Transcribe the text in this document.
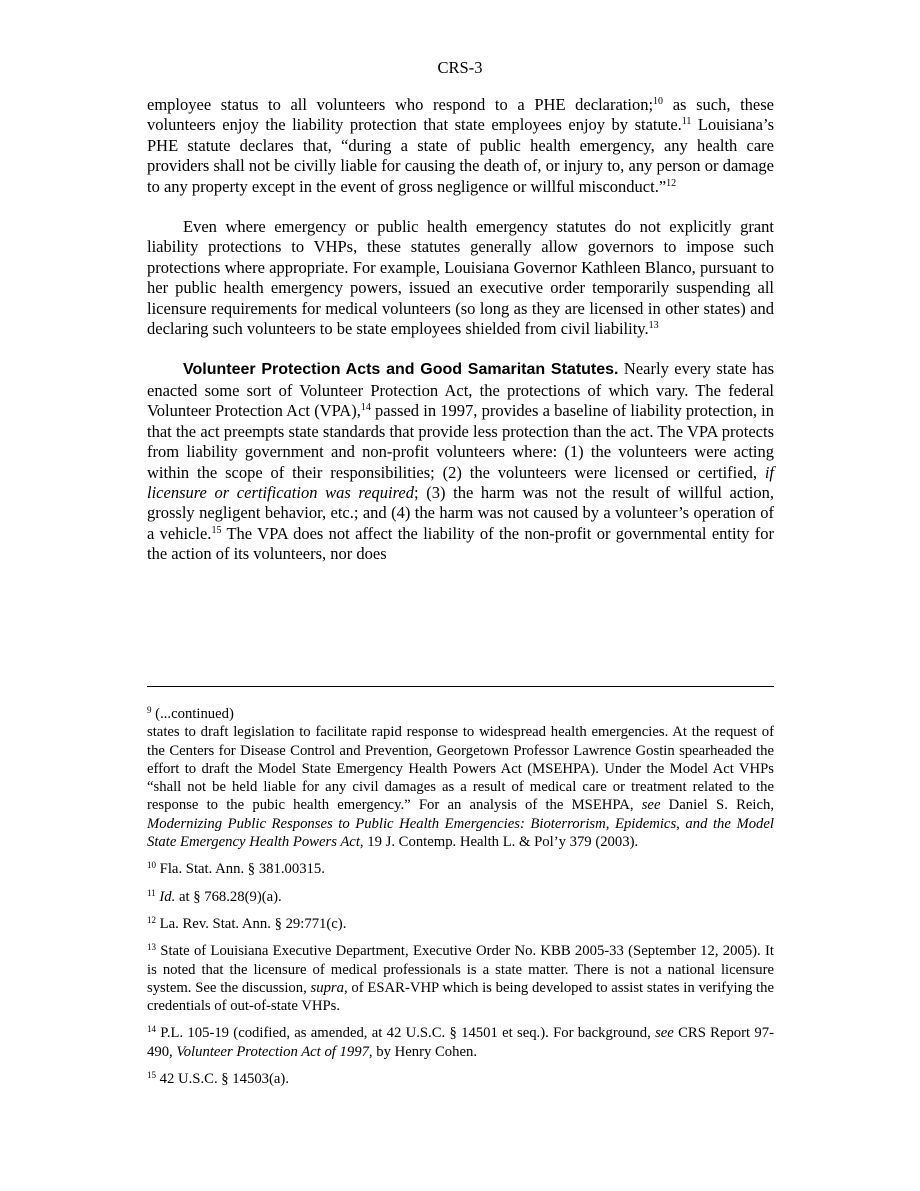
CRS-3

employee status to all volunteers who respond to a PHE declaration;$^{10}$ as such, these volunteers enjoy the liability protection that state employees enjoy by statute.$^{11}$ Louisiana’s PHE statute declares that, “during a state of public health emergency, any health care providers shall not be civilly liable for causing the death of, or injury to, any person or damage to any property except in the event of gross negligence or willful misconduct.”$^{12}$

Even where emergency or public health emergency statutes do not explicitly grant liability protections to VHPs, these statutes generally allow governors to impose such protections where appropriate. For example, Louisiana Governor Kathleen Blanco, pursuant to her public health emergency powers, issued an executive order temporarily suspending all licensure requirements for medical volunteers (so long as they are licensed in other states) and declaring such volunteers to be state employees shielded from civil liability.$^{13}$

Volunteer Protection Acts and Good Samaritan Statutes. Nearly every state has enacted some sort of Volunteer Protection Act, the protections of which vary. The federal Volunteer Protection Act (VPA),$^{14}$ passed in 1997, provides a baseline of liability protection, in that the act preempts state standards that provide less protection than the act. The VPA protects from liability government and non-profit volunteers where: (1) the volunteers were acting within the scope of their responsibilities; (2) the volunteers were licensed or certified, if licensure or certification was required; (3) the harm was not the result of willful action, grossly negligent behavior, etc.; and (4) the harm was not caused by a volunteer’s operation of a vehicle.$^{15}$ The VPA does not affect the liability of the non-profit or governmental entity for the action of its volunteers, nor does

$^9$ (...continued)

states to draft legislation to facilitate rapid response to widespread health emergencies. At the request of the Centers for Disease Control and Prevention, Georgetown Professor Lawrence Gostin spearheaded the effort to draft the Model State Emergency Health Powers Act (MSEHPA). Under the Model Act VHPs “shall not be held liable for any civil damages as a result of medical care or treatment related to the response to the pubic health emergency.” For an analysis of the MSEHPA, see Daniel S. Reich, Modernizing Public Responses to Public Health Emergencies: Bioterrorism, Epidemics, and the Model State Emergency Health Powers Act, 19 J. Contemp. Health L. & Pol’y 379 (2003).

$^{10}$ Fla. Stat. Ann. § 381.00315.

$^{11}$ Id. at § 768.28(9)(a).

$^{12}$ La. Rev. Stat. Ann. § 29:771(c).

$^{13}$ State of Louisiana Executive Department, Executive Order No. KBB 2005-33 (September 12, 2005). It is noted that the licensure of medical professionals is a state matter. There is not a national licensure system. See the discussion, supra, of ESAR-VHP which is being developed to assist states in verifying the credentials of out-of-state VHPs.

$^{14}$ P.L. 105-19 (codified, as amended, at 42 U.S.C. § 14501 et seq.). For background, see CRS Report 97-490, Volunteer Protection Act of 1997, by Henry Cohen.

$^{15}$ 42 U.S.C. § 14503(a).
